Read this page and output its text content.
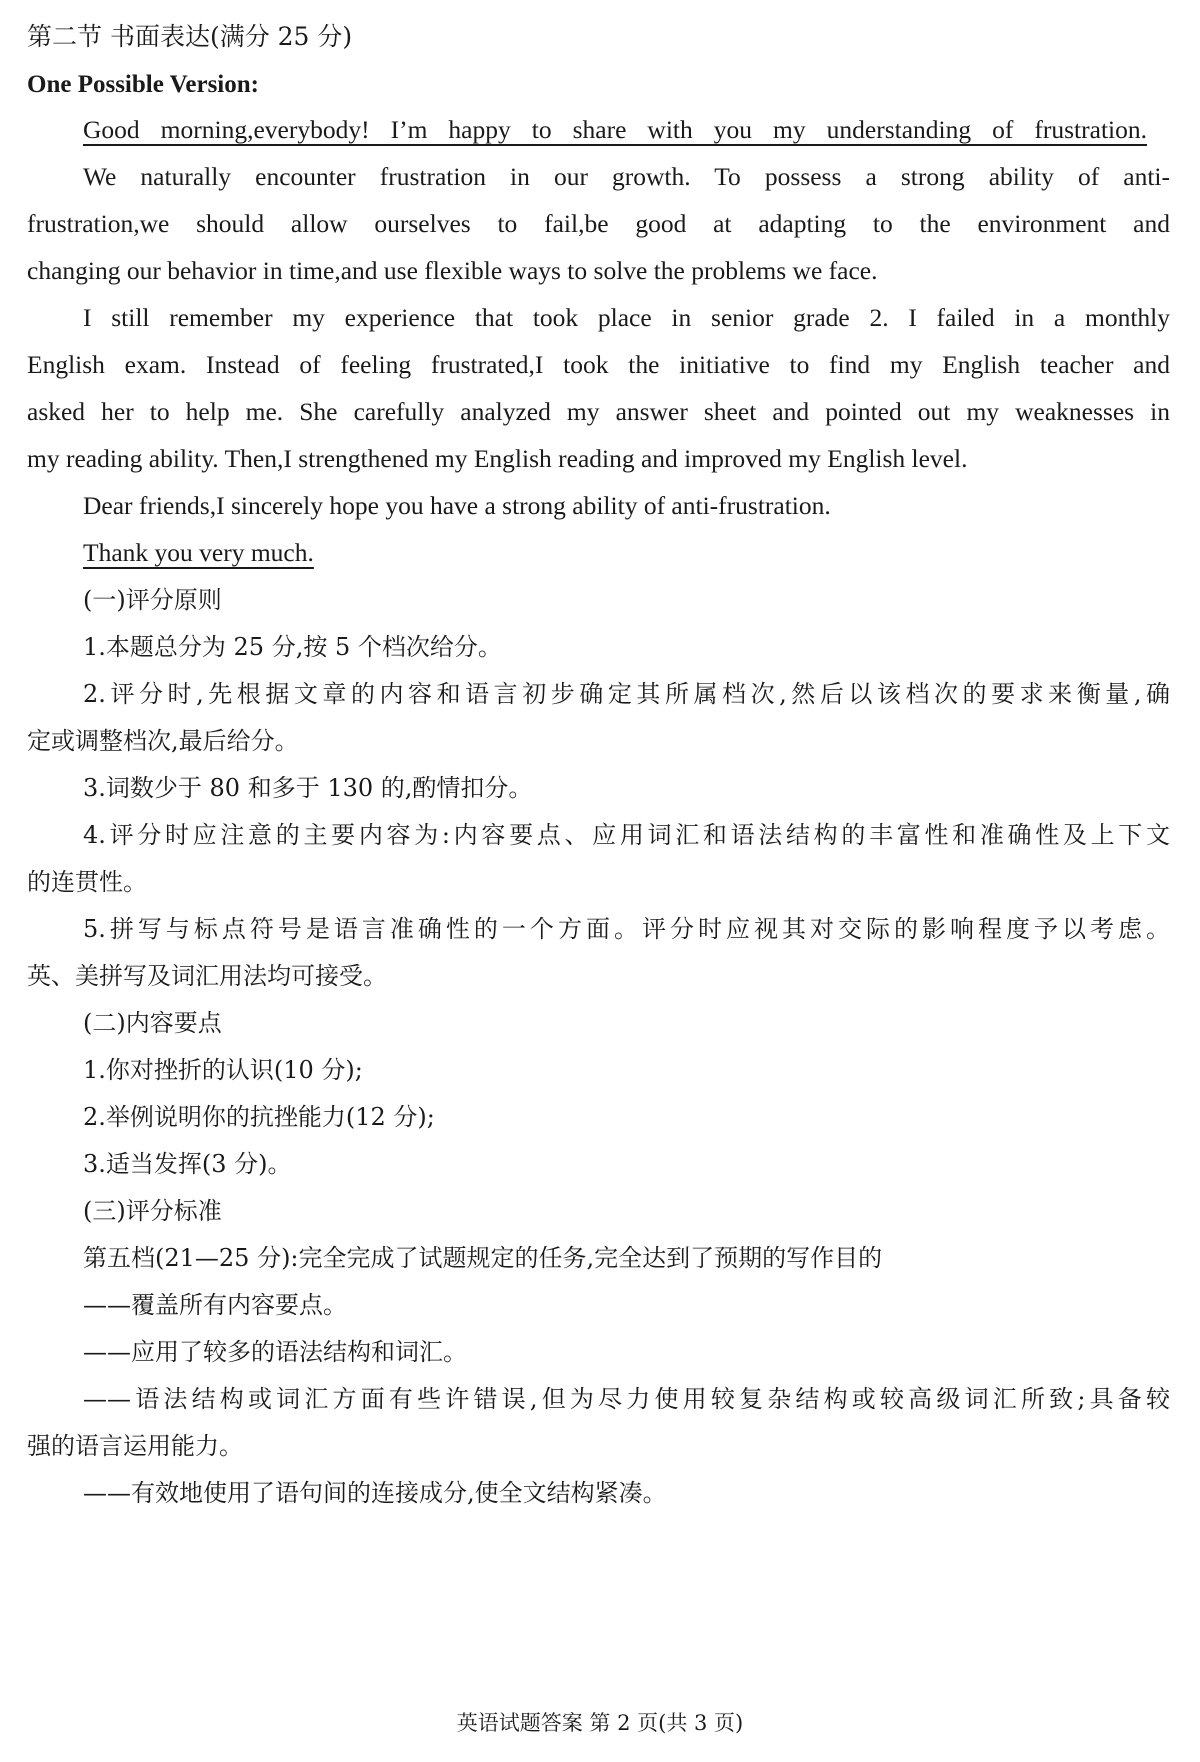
第二节 书面表达(满分 25 分)
One Possible Version:
Good morning,everybody! I’m happy to share with you my understanding of frustration.
We naturally encounter frustration in our growth. To possess a strong ability of anti-
frustration,we should allow ourselves to fail,be good at adapting to the environment and
changing our behavior in time,and use flexible ways to solve the problems we face.
I still remember my experience that took place in senior grade 2. I failed in a monthly
English exam. Instead of feeling frustrated,I took the initiative to find my English teacher and
asked her to help me. She carefully analyzed my answer sheet and pointed out my weaknesses in
my reading ability. Then,I strengthened my English reading and improved my English level.
Dear friends,I sincerely hope you have a strong ability of anti-frustration.
Thank you very much.
(一)评分原则
1.本题总分为 25 分,按 5 个档次给分。
2.评分时,先根据文章的内容和语言初步确定其所属档次,然后以该档次的要求来衡量,确
定或调整档次,最后给分。
3.词数少于 80 和多于 130 的,酌情扣分。
4.评分时应注意的主要内容为:内容要点、应用词汇和语法结构的丰富性和准确性及上下文
的连贯性。
5.拼写与标点符号是语言准确性的一个方面。评分时应视其对交际的影响程度予以考虑。
英、美拼写及词汇用法均可接受。
(二)内容要点
1.你对挫折的认识(10 分);
2.举例说明你的抗挫能力(12 分);
3.适当发挥(3 分)。
(三)评分标准
第五档(21—25 分):完全完成了试题规定的任务,完全达到了预期的写作目的
——覆盖所有内容要点。
——应用了较多的语法结构和词汇。
——语法结构或词汇方面有些许错误,但为尽力使用较复杂结构或较高级词汇所致;具备较
强的语言运用能力。
——有效地使用了语句间的连接成分,使全文结构紧凑。
英语试题答案 第 2 页(共 3 页)
